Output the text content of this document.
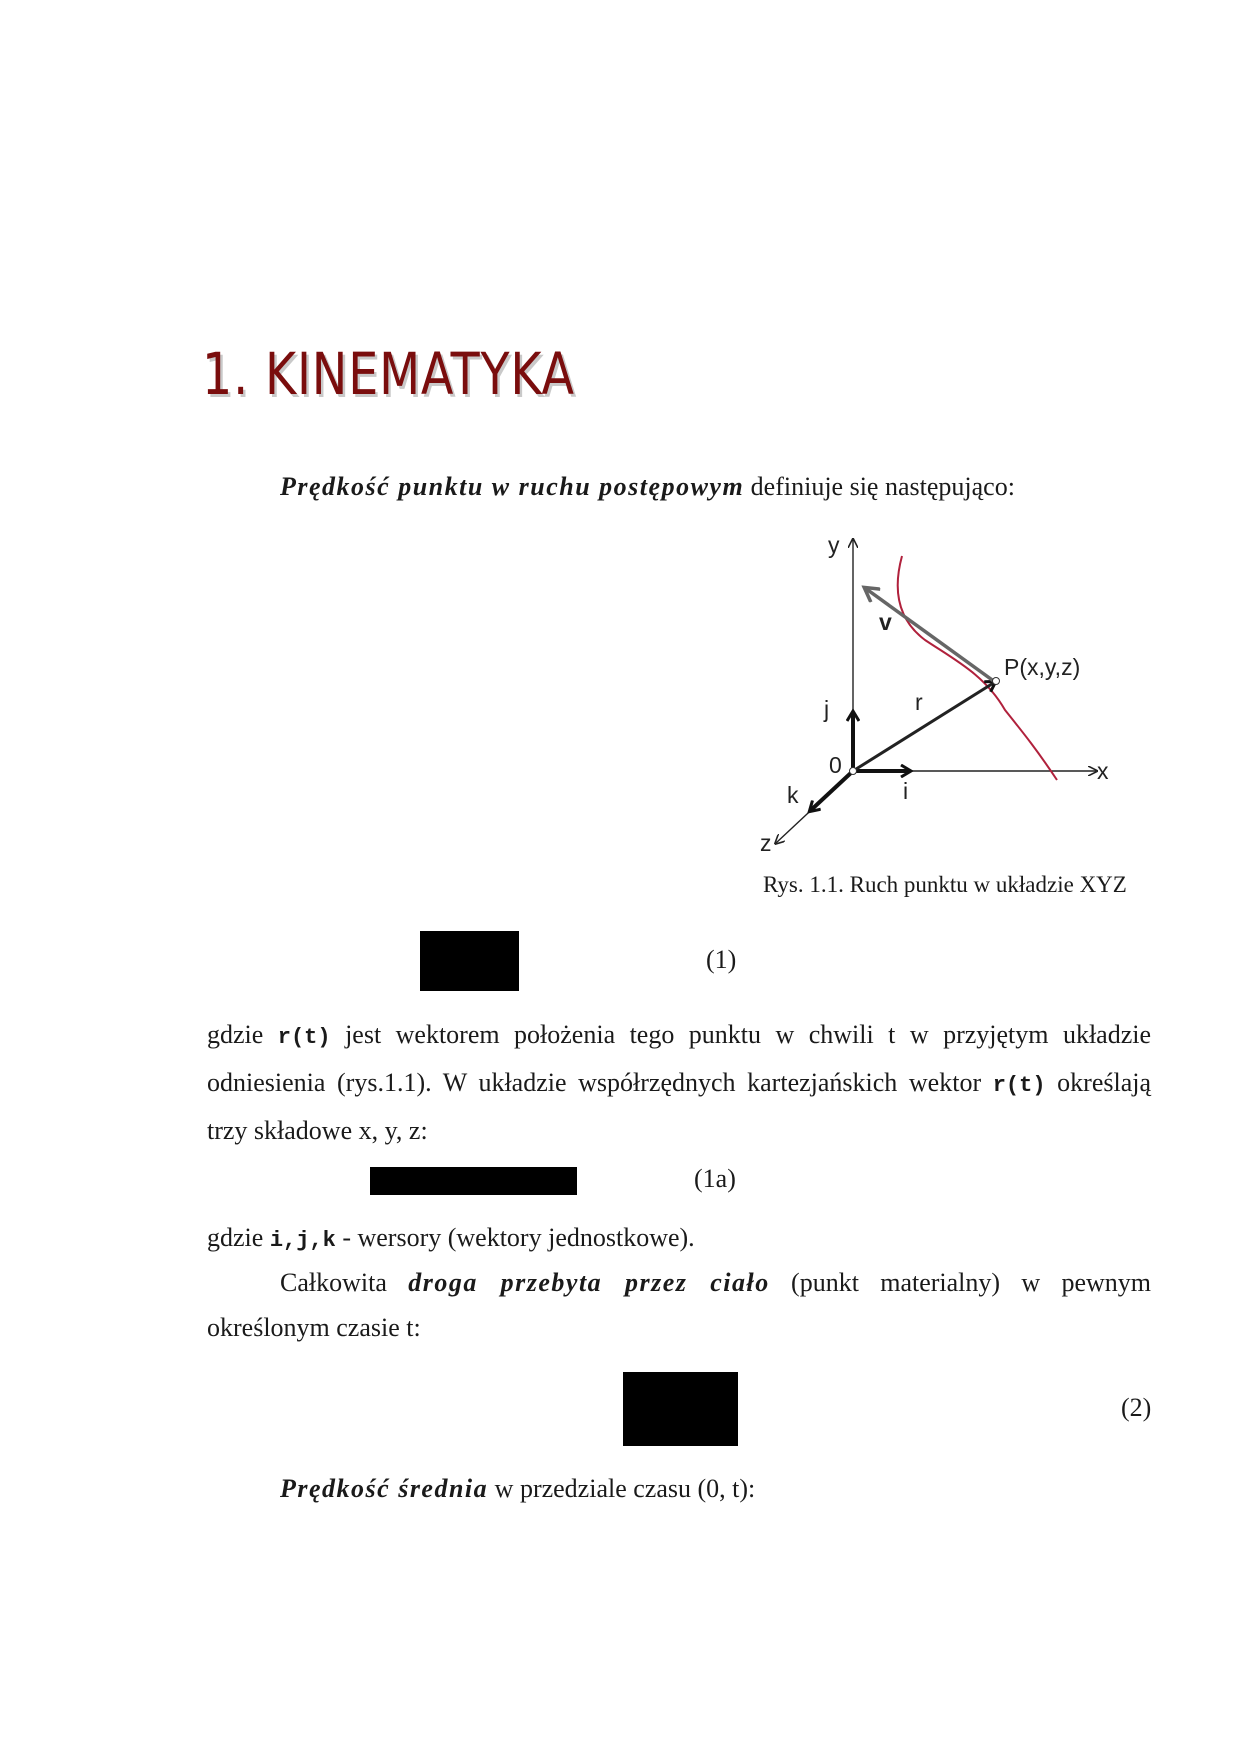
1. KINEMATYKA
Prędkość punktu w ruchu postępowym definiuje się następująco:
y
x
z
v
r
j
i
k
0
P(x,y,z)
Rys. 1.1. Ruch punktu w układzie XYZ
(1)
gdzie r(t) jest wektorem położenia tego punktu w chwili t w przyjętym układzie
odniesienia (rys.1.1). W układzie współrzędnych kartezjańskich wektor r(t) określają
trzy składowe x, y, z:
(1a)
gdzie i,j,k - wersory (wektory jednostkowe).
Całkowita droga przebyta przez ciało (punkt materialny) w pewnym
określonym czasie t:
(2)
Prędkość średnia w przedziale czasu (0, t):
